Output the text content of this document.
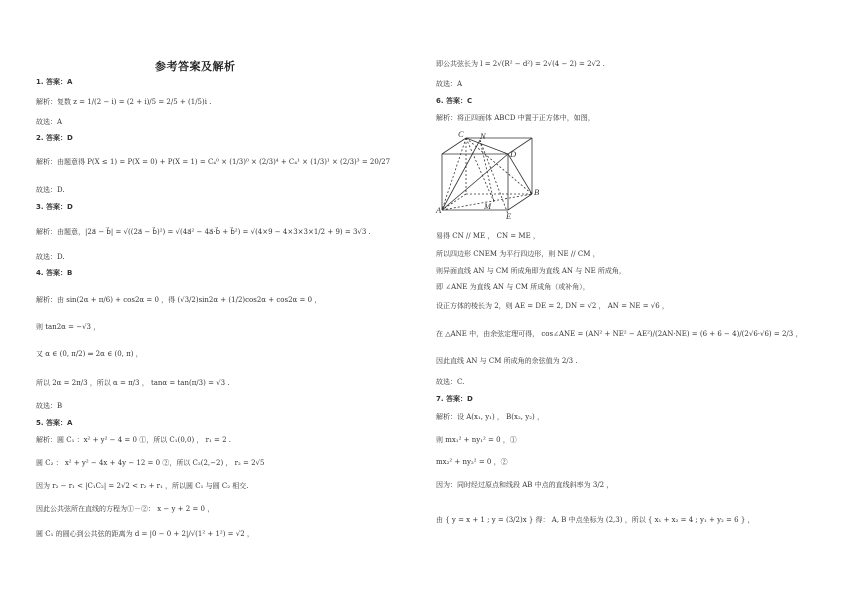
参考答案及解析
1. 答案：A
解析：复数 z = 1/(2 − i) = (2 + i)/5 = 2/5 + (1/5)i .
故选：A
2. 答案：D
解析：由题意得 P(X ≤ 1) = P(X = 0) + P(X = 1) = C₄⁰ × (1/3)⁰ × (2/3)⁴ + C₄¹ × (1/3)¹ × (2/3)³ = 20/27
故选：D.
3. 答案：D
解析：由题意，|2a⃗ − b⃗| = √((2a⃗ − b⃗)²) = √(4a⃗² − 4a⃗·b⃗ + b⃗²) = √(4×9 − 4×3×3×1/2 + 9) = 3√3 .
故选：D.
4. 答案：B
解析：由 sin(2α + π/6) + cos2α = 0 ，得 (√3/2)sin2α + (1/2)cos2α + cos2α = 0 ，
则 tan2α = −√3 ，
又 α ∈ (0, π/2) ⇒ 2α ∈ (0, π) ，
所以 2α = 2π/3 ，所以 α = π/3 ， tanα = tan(π/3) = √3 .
故选：B
5. 答案：A
解析：圆 C₁ ：x² + y² − 4 = 0 ①，所以 C₁(0,0) ， r₁ = 2 .
圆 C₂ ： x² + y² − 4x + 4y − 12 = 0 ②，所以 C₂(2,−2) ， r₂ = 2√5
因为 r₂ − r₁ < |C₁C₂| = 2√2 < r₂ + r₁ ，所以圆 C₁ 与圆 C₂ 相交.
因此公共弦所在直线的方程为①－②： x − y + 2 = 0 ，
圆 C₁ 的圆心到公共弦的距离为 d = |0 − 0 + 2|/√(1² + 1²) = √2 ，
即公共弦长为 l = 2√(R² − d²) = 2√(4 − 2) = 2√2 .
故选：A
6. 答案：C
解析：将正四面体 ABCD 中置于正方体中，如图，
C N
D
B
A	M
E
易得 CN // ME ， CN = ME ，
所以四边形 CNEM 为平行四边形，则 NE // CM ，
则异面直线 AN 与 CM 所成角即为直线 AN 与 NE 所成角，
即 ∠ANE 为直线 AN 与 CM 所成角（或补角），
设正方体的棱长为 2，则 AE = DE = 2, DN = √2 ， AN = NE = √6 ，
在 △ANE 中，由余弦定理可得， cos∠ANE = (AN² + NE² − AE²)/(2AN·NE) = (6 + 6 − 4)/(2√6·√6) = 2/3 ，
因此直线 AN 与 CM 所成角的余弦值为 2/3 .
故选：C.
7. 答案：D
解析：设 A(x₁, y₁) ， B(x₂, y₂) ，
则 mx₁² + ny₁² = 0 ，①
mx₂² + ny₂² = 0 ，②
因为：同时经过原点和线段 AB 中点的直线斜率为 3/2 ，
由 { y = x + 1 ; y = (3/2)x } 得： A, B 中点坐标为 (2,3) ，所以 { x₁ + x₂ = 4 ; y₁ + y₂ = 6 } ，
